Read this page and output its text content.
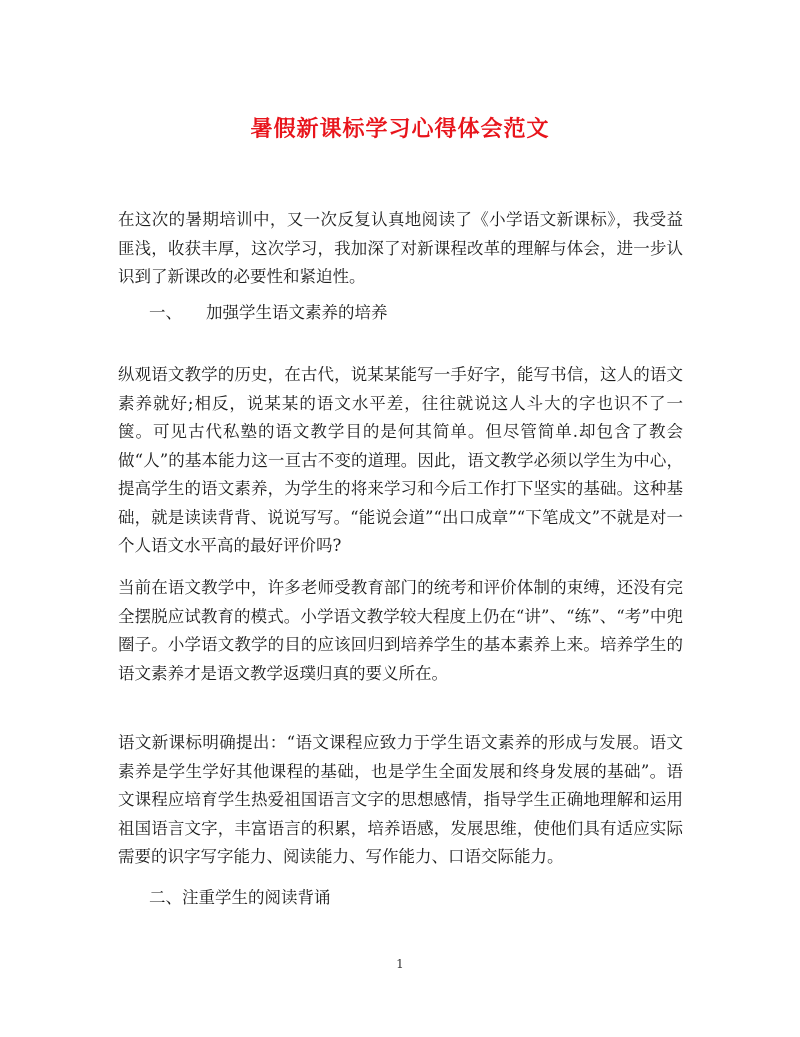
暑假新课标学习心得体会范文

在这次的暑期培训中，又一次反复认真地阅读了《小学语文新课标》，我受益匪浅，收获丰厚，这次学习，我加深了对新课程改革的理解与体会，进一步认识到了新课改的必要性和紧迫性。

一、 加强学生语文素养的培养

纵观语文教学的历史，在古代，说某某能写一手好字，能写书信，这人的语文素养就好;相反，说某某的语文水平差，往往就说这人斗大的字也识不了一箧。可见古代私塾的语文教学目的是何其简单。但尽管简单.却包含了教会做“人”的基本能力这一亘古不变的道理。因此，语文教学必须以学生为中心，提高学生的语文素养，为学生的将来学习和今后工作打下坚实的基础。这种基础，就是读读背背、说说写写。“能说会道”“出口成章”“下笔成文”不就是对一个人语文水平高的最好评价吗?

当前在语文教学中，许多老师受教育部门的统考和评价体制的束缚，还没有完全摆脱应试教育的模式。小学语文教学较大程度上仍在“讲”、“练”、“考”中兜圈子。小学语文教学的目的应该回归到培养学生的基本素养上来。培养学生的语文素养才是语文教学返璞归真的要义所在。

语文新课标明确提出：“语文课程应致力于学生语文素养的形成与发展。语文素养是学生学好其他课程的基础，也是学生全面发展和终身发展的基础”。语文课程应培育学生热爱祖国语言文字的思想感情，指导学生正确地理解和运用祖国语言文字，丰富语言的积累，培养语感，发展思维，使他们具有适应实际需要的识字写字能力、阅读能力、写作能力、口语交际能力。

二、注重学生的阅读背诵
1
